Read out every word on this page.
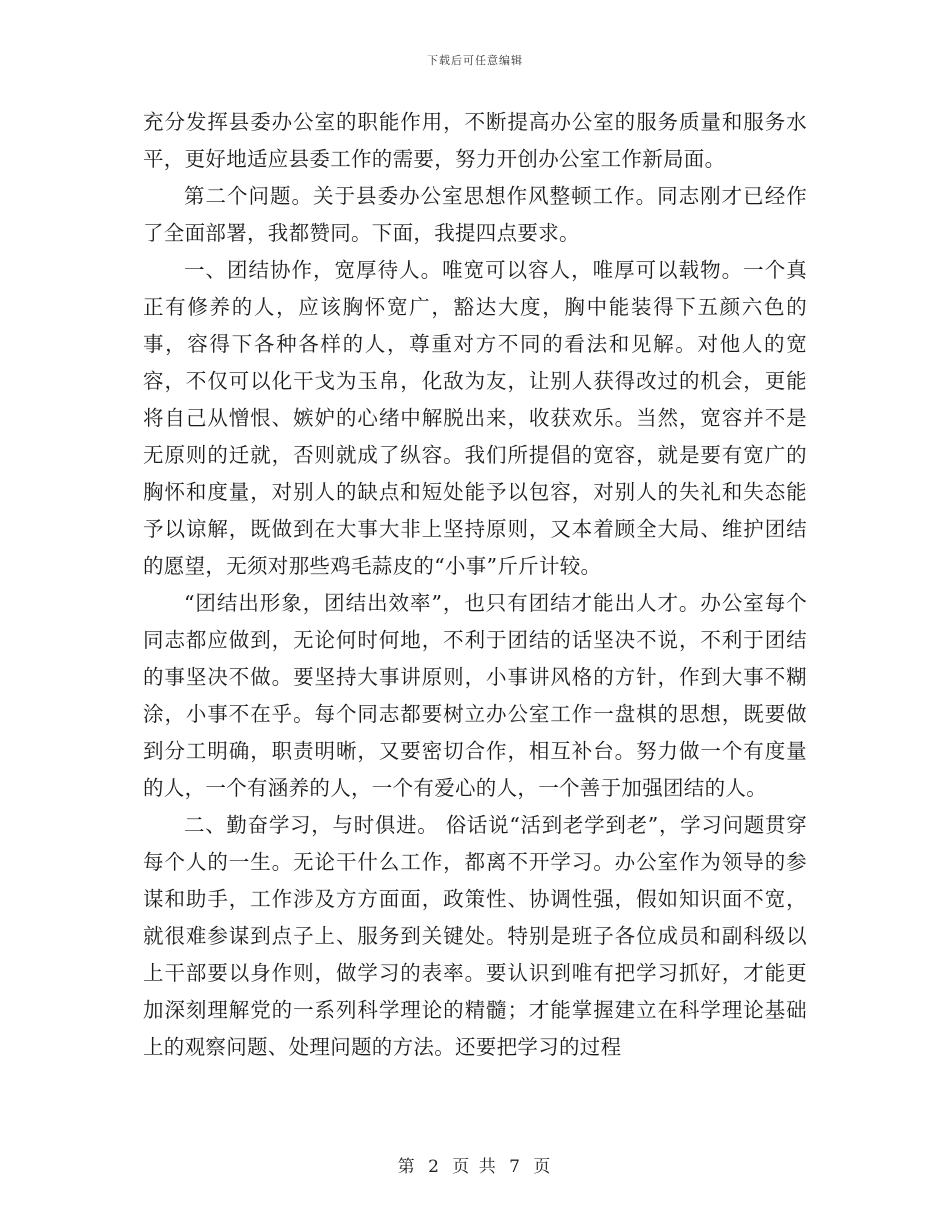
下载后可任意编辑

充分发挥县委办公室的职能作用，不断提高办公室的服务质量和服务水平，更好地适应县委工作的需要，努力开创办公室工作新局面。

第二个问题。关于县委办公室思想作风整顿工作。同志刚才已经作了全面部署，我都赞同。下面，我提四点要求。

一、团结协作，宽厚待人。唯宽可以容人，唯厚可以载物。一个真正有修养的人，应该胸怀宽广，豁达大度，胸中能装得下五颜六色的事，容得下各种各样的人，尊重对方不同的看法和见解。对他人的宽容，不仅可以化干戈为玉帛，化敌为友，让别人获得改过的机会，更能将自己从憎恨、嫉妒的心绪中解脱出来，收获欢乐。当然，宽容并不是无原则的迁就，否则就成了纵容。我们所提倡的宽容，就是要有宽广的胸怀和度量，对别人的缺点和短处能予以包容，对别人的失礼和失态能予以谅解，既做到在大事大非上坚持原则，又本着顾全大局、维护团结的愿望，无须对那些鸡毛蒜皮的“小事”斤斤计较。

“团结出形象，团结出效率”，也只有团结才能出人才。办公室每个同志都应做到，无论何时何地，不利于团结的话坚决不说，不利于团结的事坚决不做。要坚持大事讲原则，小事讲风格的方针，作到大事不糊涂，小事不在乎。每个同志都要树立办公室工作一盘棋的思想，既要做到分工明确，职责明晰，又要密切合作，相互补台。努力做一个有度量的人，一个有涵养的人，一个有爱心的人，一个善于加强团结的人。

二、勤奋学习，与时俱进。 俗话说“活到老学到老”，学习问题贯穿每个人的一生。无论干什么工作，都离不开学习。办公室作为领导的参谋和助手，工作涉及方方面面，政策性、协调性强，假如知识面不宽，就很难参谋到点子上、服务到关键处。特别是班子各位成员和副科级以上干部要以身作则，做学习的表率。要认识到唯有把学习抓好，才能更加深刻理解党的一系列科学理论的精髓；才能掌握建立在科学理论基础上的观察问题、处理问题的方法。还要把学习的过程

第 2 页 共 7 页
